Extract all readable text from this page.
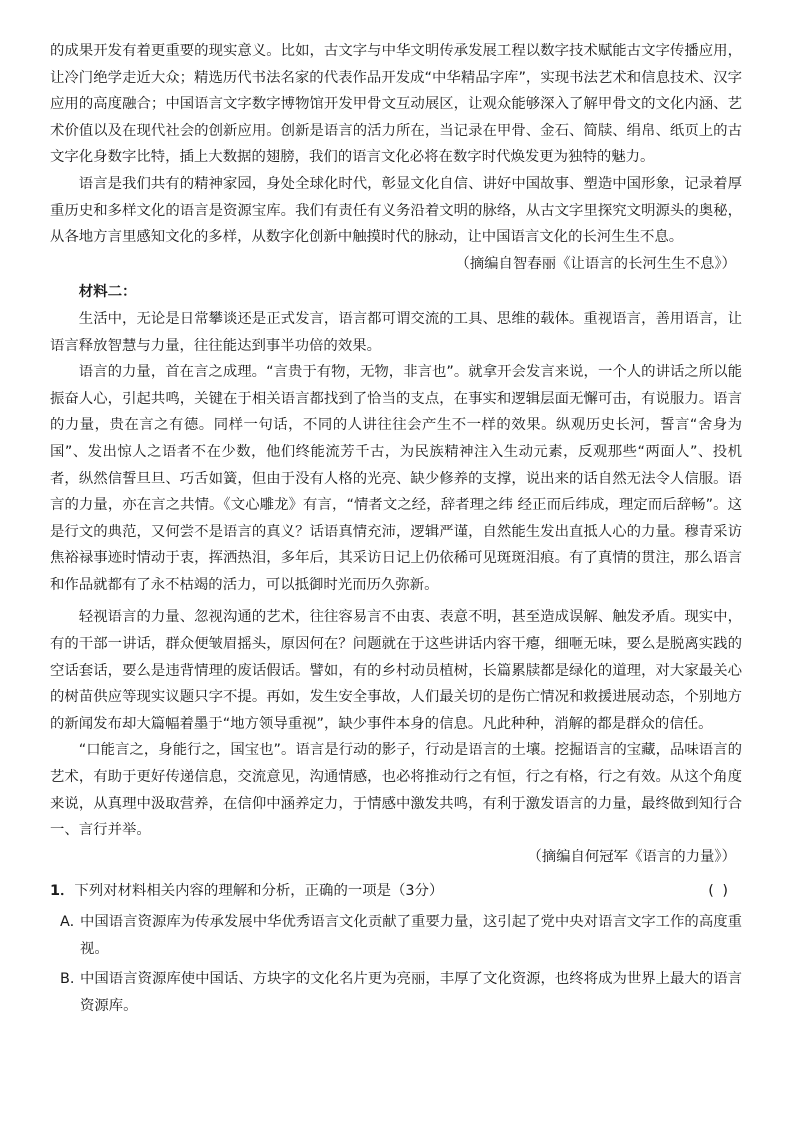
的成果开发有着更重要的现实意义。比如，古文字与中华文明传承发展工程以数字技术赋能古文字传播应用，让冷门绝学走近大众；精选历代书法名家的代表作品开发成“中华精品字库”，实现书法艺术和信息技术、汉字应用的高度融合；中国语言文字数字博物馆开发甲骨文互动展区，让观众能够深入了解甲骨文的文化内涵、艺术价值以及在现代社会的创新应用。创新是语言的活力所在，当记录在甲骨、金石、简牍、绢帛、纸页上的古文字化身数字比特，插上大数据的翅膀，我们的语言文化必将在数字时代焕发更为独特的魅力。

语言是我们共有的精神家园，身处全球化时代，彰显文化自信、讲好中国故事、塑造中国形象，记录着厚重历史和多样文化的语言是资源宝库。我们有责任有义务沿着文明的脉络，从古文字里探究文明源头的奥秘，从各地方言里感知文化的多样，从数字化创新中触摸时代的脉动，让中国语言文化的长河生生不息。

（摘编自智春丽《让语言的长河生生不息》）

材料二：

生活中，无论是日常攀谈还是正式发言，语言都可谓交流的工具、思维的载体。重视语言，善用语言，让语言释放智慧与力量，往往能达到事半功倍的效果。

语言的力量，首在言之成理。“言贵于有物，无物，非言也”。就拿开会发言来说，一个人的讲话之所以能振奋人心，引起共鸣，关键在于相关语言都找到了恰当的支点，在事实和逻辑层面无懈可击，有说服力。语言的力量，贵在言之有德。同样一句话，不同的人讲往往会产生不一样的效果。纵观历史长河，誓言“舍身为国”、发出惊人之语者不在少数，他们终能流芳千古，为民族精神注入生动元素，反观那些“两面人”、投机者，纵然信誓旦旦、巧舌如簧，但由于没有人格的光亮、缺少修养的支撑，说出来的话自然无法令人信服。语言的力量，亦在言之共情。《文心雕龙》有言，“情者文之经，辞者理之纬 经正而后纬成，理定而后辞畅”。这是行文的典范，又何尝不是语言的真义？话语真情充沛，逻辑严谨，自然能生发出直抵人心的力量。穆青采访焦裕禄事迹时情动于衷，挥洒热泪，多年后，其采访日记上仍依稀可见斑斑泪痕。有了真情的贯注，那么语言和作品就都有了永不枯竭的活力，可以抵御时光而历久弥新。

轻视语言的力量、忽视沟通的艺术，往往容易言不由衷、表意不明，甚至造成误解、触发矛盾。现实中，有的干部一讲话，群众便皱眉摇头，原因何在？问题就在于这些讲话内容干瘪，细咂无味，要么是脱离实践的空话套话，要么是违背情理的废话假话。譬如，有的乡村动员植树，长篇累牍都是绿化的道理，对大家最关心的树苗供应等现实议题只字不提。再如，发生安全事故，人们最关切的是伤亡情况和救援进展动态，个别地方的新闻发布却大篇幅着墨于“地方领导重视”，缺少事件本身的信息。凡此种种，消解的都是群众的信任。

“口能言之，身能行之，国宝也”。语言是行动的影子，行动是语言的土壤。挖掘语言的宝藏，品味语言的艺术，有助于更好传递信息，交流意见，沟通情感，也必将推动行之有恒，行之有格，行之有效。从这个角度来说，从真理中汲取营养，在信仰中涵养定力，于情感中激发共鸣，有利于激发语言的力量，最终做到知行合一、言行并举。

（摘编自何冠军《语言的力量》）

1．下列对材料相关内容的理解和分析，正确的一项是（3分）	( )
A. 中国语言资源库为传承发展中华优秀语言文化贡献了重要力量，这引起了党中央对语言文字工作的高度重视。
B. 中国语言资源库使中国话、方块字的文化名片更为亮丽，丰厚了文化资源，也终将成为世界上最大的语言资源库。
